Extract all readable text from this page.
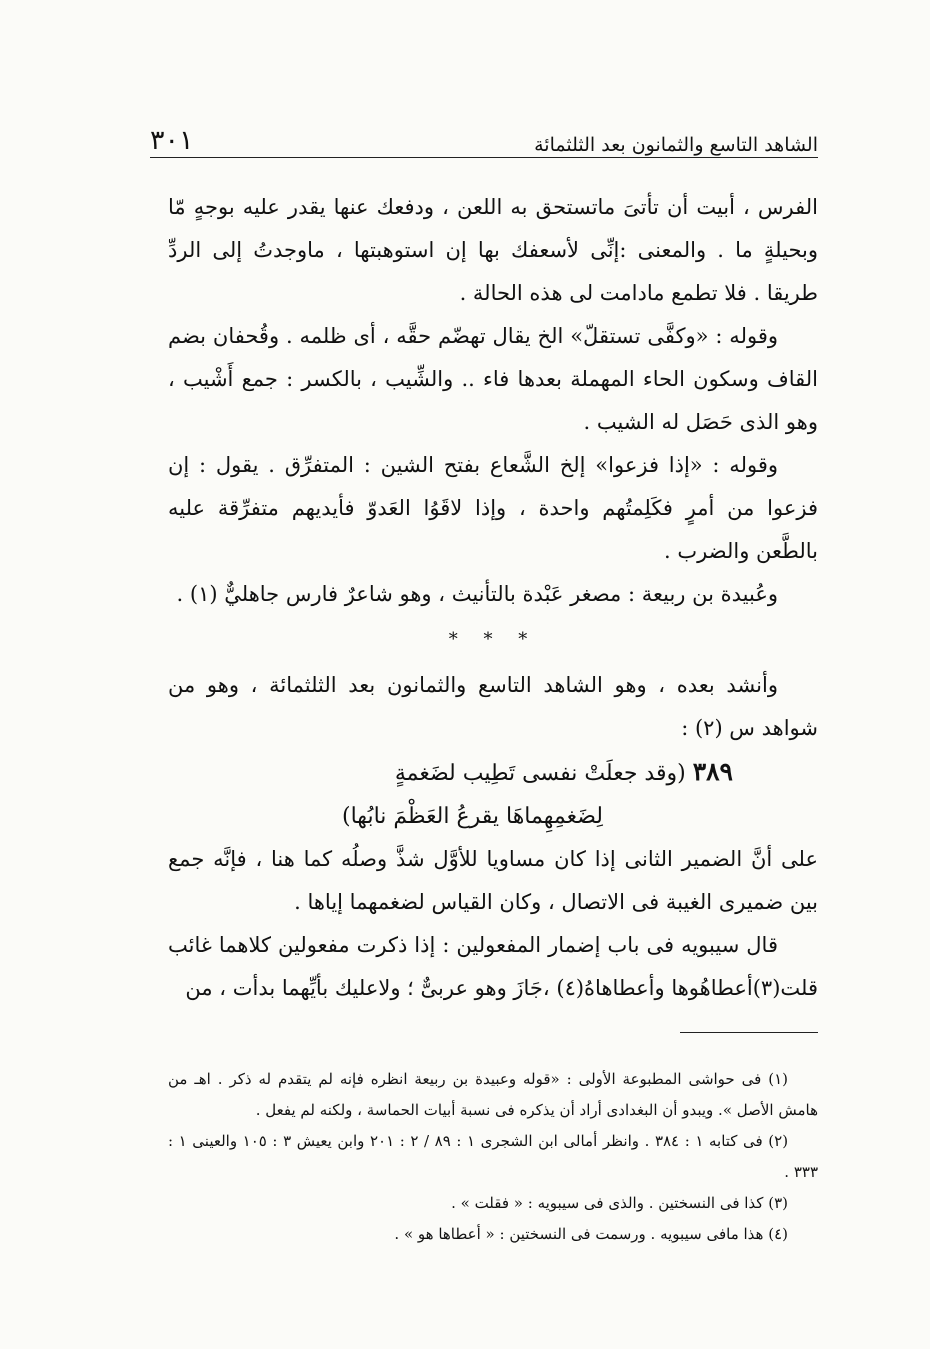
الشاهد التاسع والثمانون بعد الثلثمائة
٣٠١

الفرس ، أبيت أن تأتىَ ماتستحق به اللعن ، ودفعك عنها يقدر عليه بوجهٍ مّا وبحيلةٍ ما . والمعنى :إنِّى لأسعفك بها إن استوهبتها ، ماوجدتُ إلى الردِّ طريقا . فلا تطمع مادامت لى هذه الحالة .

وقوله : «وكفَّى تستقلّ» الخ يقال تهضّم حقَّه ، أى ظلمه . وقُحفان بضم القاف وسكون الحاء المهملة بعدها فاء .. والشِّيب ، بالكسر : جمع أَشْيب ، وهو الذى حَصَل له الشيب .

وقوله : «إذا فزعوا» إلخ الشَّعاع بفتح الشين : المتفرِّق . يقول : إن فزعوا من أمرٍ فكَلِمتُهم واحدة ، وإذا لاقَوُا العَدوّ فأيديهم متفرِّقة عليه بالطَّعن والضرب .

وعُبيدة بن ربيعة : مصغر عَبْدة بالتأنيث ، وهو شاعرٌ فارس جاهليٌّ (١) .

* * *

وأنشد بعده ، وهو الشاهد التاسع والثمانون بعد الثلثمائة ، وهو من شواهد س (٢) :

٣٨٩ (وقد جعلَتْ نفسى تَطِيب لضَغمةٍ

لِضَغمِهِماهَا يقرعُ العَظْمَ نابُها)

على أنَّ الضمير الثانى إذا كان مساويا للأوَّل شذَّ وصلُه كما هنا ، فإنَّه جمع بين ضميرى الغيبة فى الاتصال ، وكان القياس لضغمهما إياها .

قال سيبويه فى باب إضمار المفعولين : إذا ذكرت مفعولين كلاهما غائب قلت(٣)أعطاهُوها وأعطاهاهُ(٤) ،جَازَ وهو عربىٌّ ؛ ولاعليك بأيِّهما بدأت ، من

(١) فى حواشى المطبوعة الأولى : «قوله وعبيدة بن ربيعة انظره فإنه لم يتقدم له ذكر . اهـ من هامش الأصل ». ويبدو أن البغدادى أراد أن يذكره فى نسبة أبيات الحماسة ، ولكنه لم يفعل .

(٢) فى كتابه ١ : ٣٨٤ . وانظر أمالى ابن الشجرى ١ : ٨٩ / ٢ : ٢٠١ وابن يعيش ٣ : ١٠٥ والعينى ١ : ٣٣٣ .

(٣) كذا فى النسختين . والذى فى سيبويه : « فقلت » .

(٤) هذا مافى سيبويه . ورسمت فى النسختين : « أعطاها هو » .
